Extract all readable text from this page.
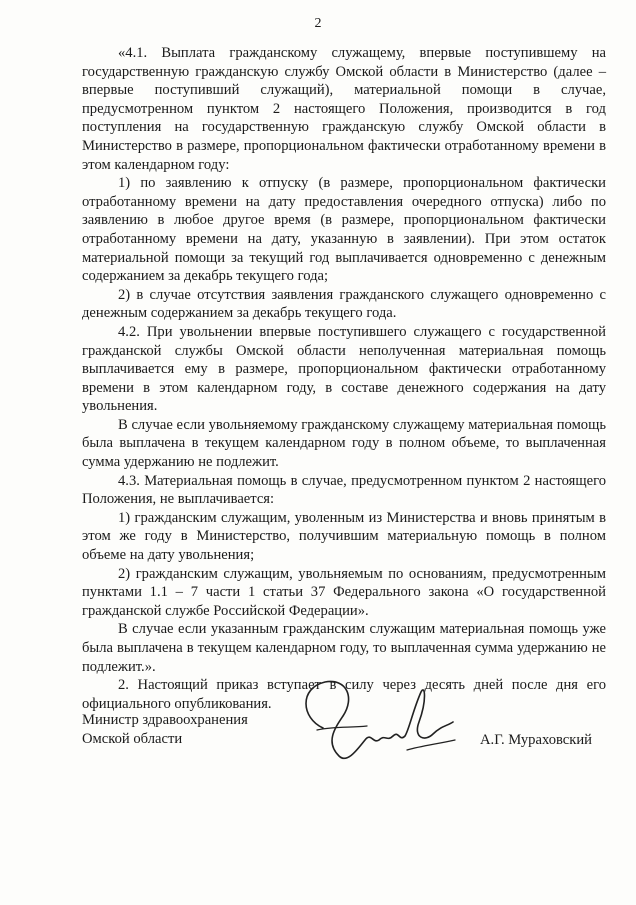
2

«4.1. Выплата гражданскому служащему, впервые поступившему на государственную гражданскую службу Омской области в Министерство (далее – впервые поступивший служащий), материальной помощи в случае, предусмотренном пунктом 2 настоящего Положения, производится в год поступления на государственную гражданскую службу Омской области в Министерство в размере, пропорциональном фактически отработанному времени в этом календарном году:

1) по заявлению к отпуску (в размере, пропорциональном фактически отработанному времени на дату предоставления очередного отпуска) либо по заявлению в любое другое время (в размере, пропорциональном фактически отработанному времени на дату, указанную в заявлении). При этом остаток материальной помощи за текущий год выплачивается одновременно с денежным содержанием за декабрь текущего года;

2) в случае отсутствия заявления гражданского служащего одновременно с денежным содержанием за декабрь текущего года.

4.2. При увольнении впервые поступившего служащего с государственной гражданской службы Омской области неполученная материальная помощь выплачивается ему в размере, пропорциональном фактически отработанному времени в этом календарном году, в составе денежного содержания на дату увольнения.

В случае если увольняемому гражданскому служащему материальная помощь была выплачена в текущем календарном году в полном объеме, то выплаченная сумма удержанию не подлежит.

4.3. Материальная помощь в случае, предусмотренном пунктом 2 настоящего Положения, не выплачивается:

1) гражданским служащим, уволенным из Министерства и вновь принятым в этом же году в Министерство, получившим материальную помощь в полном объеме на дату увольнения;

2) гражданским служащим, увольняемым по основаниям, предусмотренным пунктами 1.1 – 7 части 1 статьи 37 Федерального закона «О государственной гражданской службе Российской Федерации».

В случае если указанным гражданским служащим материальная помощь уже была выплачена в текущем календарном году, то выплаченная сумма удержанию не подлежит.».

2. Настоящий приказ вступает в силу через десять дней после дня его официального опубликования.

Министр здравоохранения
Омской области	А.Г. Мураховский
